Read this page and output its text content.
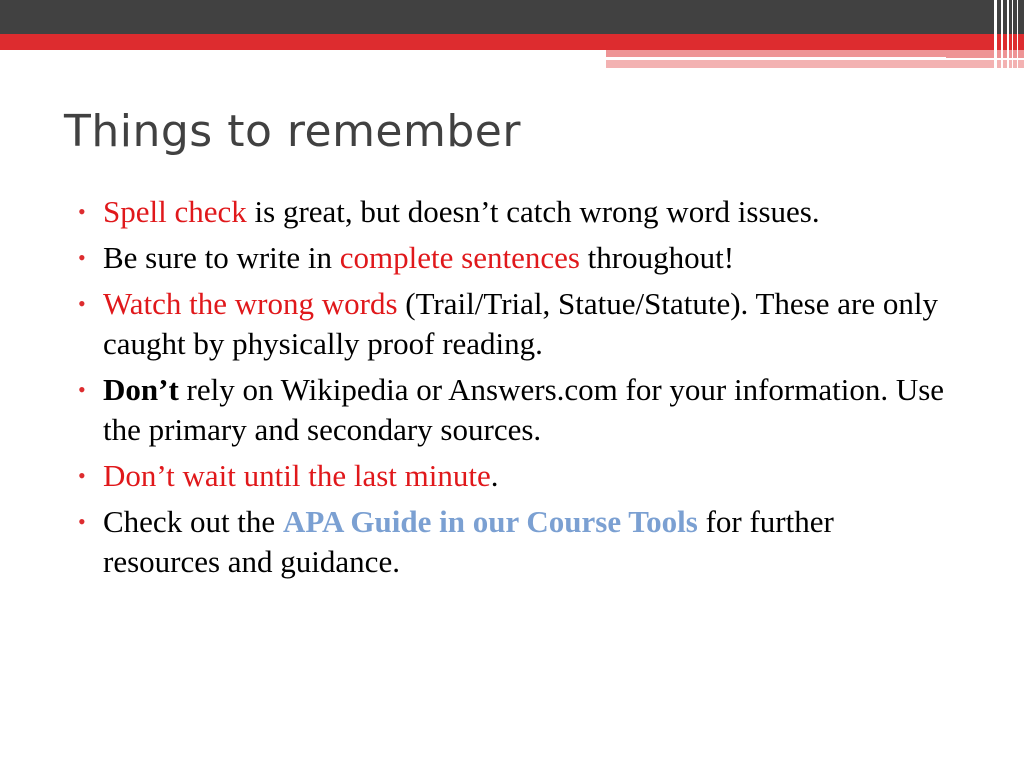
Things to remember
• Spell check is great, but doesn’t catch wrong word issues.
• Be sure to write in complete sentences throughout!
• Watch the wrong words (Trail/Trial, Statue/Statute). These are only caught by physically proof reading.
• Don’t rely on Wikipedia or Answers.com for your information. Use the primary and secondary sources.
• Don’t wait until the last minute.
• Check out the APA Guide in our Course Tools for further resources and guidance.
